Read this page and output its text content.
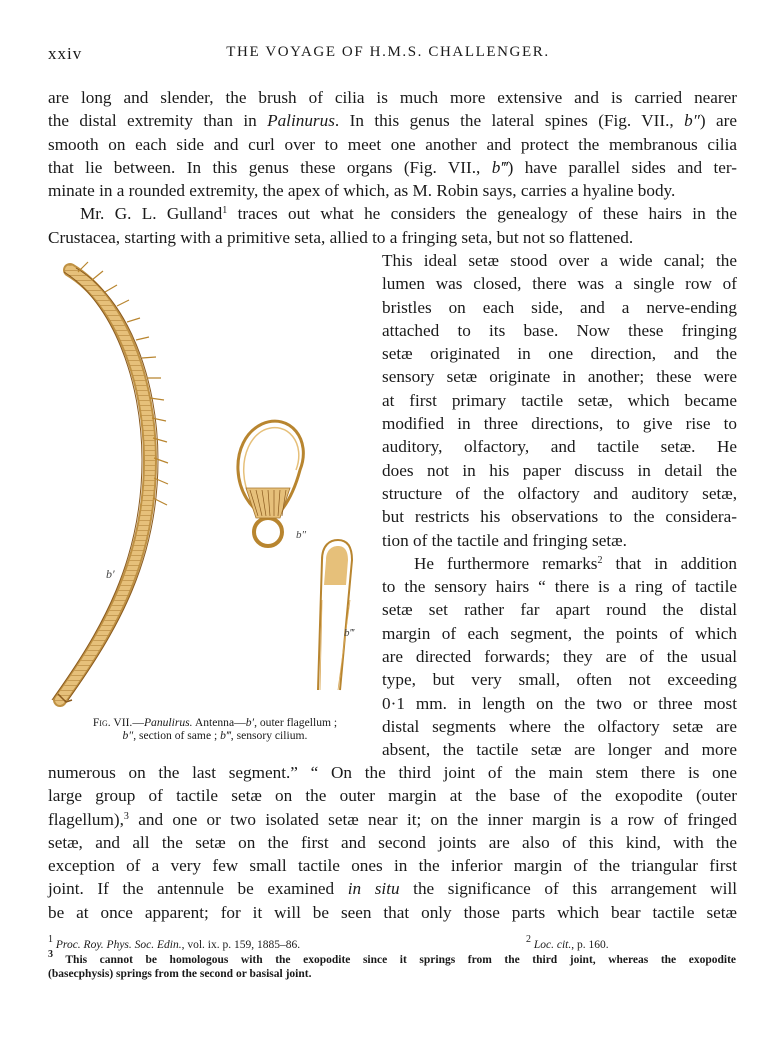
xxiv	THE VOYAGE OF H.M.S. CHALLENGER.
are long and slender, the brush of cilia is much more extensive and is carried nearer
the distal extremity than in Palinurus. In this genus the lateral spines (Fig. VII., b″) are
smooth on each side and curl over to meet one another and protect the membranous cilia
that lie between. In this genus these organs (Fig. VII., b‴) have parallel sides and ter-
minate in a rounded extremity, the apex of which, as M. Robin says, carries a hyaline body.
Mr. G. L. Gulland$^1$ traces out what he considers the genealogy of these hairs in the
Crustacea, starting with a primitive seta, allied to a fringing seta, but not so flattened.
This ideal setæ stood over a wide canal; the
lumen was closed, there was a single row of
bristles on each side, and a nerve-ending
attached to its base. Now these fringing
setæ originated in one direction, and the
sensory setæ originate in another; these were
at first primary tactile setæ, which became
modified in three directions, to give rise to
auditory, olfactory, and tactile setæ. He
does not in his paper discuss in detail the
structure of the olfactory and auditory setæ,
but restricts his observations to the considera-
tion of the tactile and fringing setæ.
He furthermore remarks$^2$ that in addition
to the sensory hairs “ there is a ring of tactile
setæ set rather far apart round the distal
margin of each segment, the points of which
are directed forwards; they are of the usual
type, but very small, often not exceeding
0·1 mm. in length on the two or three most
distal segments where the olfactory setæ are
absent, the tactile setæ are longer and more
numerous on the last segment.” “ On the third joint of the main stem there is one
large group of tactile setæ on the outer margin at the base of the exopodite (outer
flagellum),$^3$ and one or two isolated setæ near it; on the inner margin is a row of fringed
setæ, and all the setæ on the first and second joints are also of this kind, with the
exception of a very few small tactile ones in the inferior margin of the triangular first
joint. If the antennule be examined in situ the significance of this arrangement will
be at once apparent; for it will be seen that only those parts which bear tactile setæ
b′
b″
b‴
Fig. VII.—Panulirus. Antenna—b′, outer flagellum ;
b″, section of same ; b‴, sensory cilium.
$^1$ Proc. Roy. Phys. Soc. Edin., vol. ix. p. 159, 1885–86.	$^2$ Loc. cit., p. 160.
$^3$ This cannot be homologous with the exopodite since it springs from the third joint, whereas the exopodite
(basecphysis) springs from the second or basisal joint.
